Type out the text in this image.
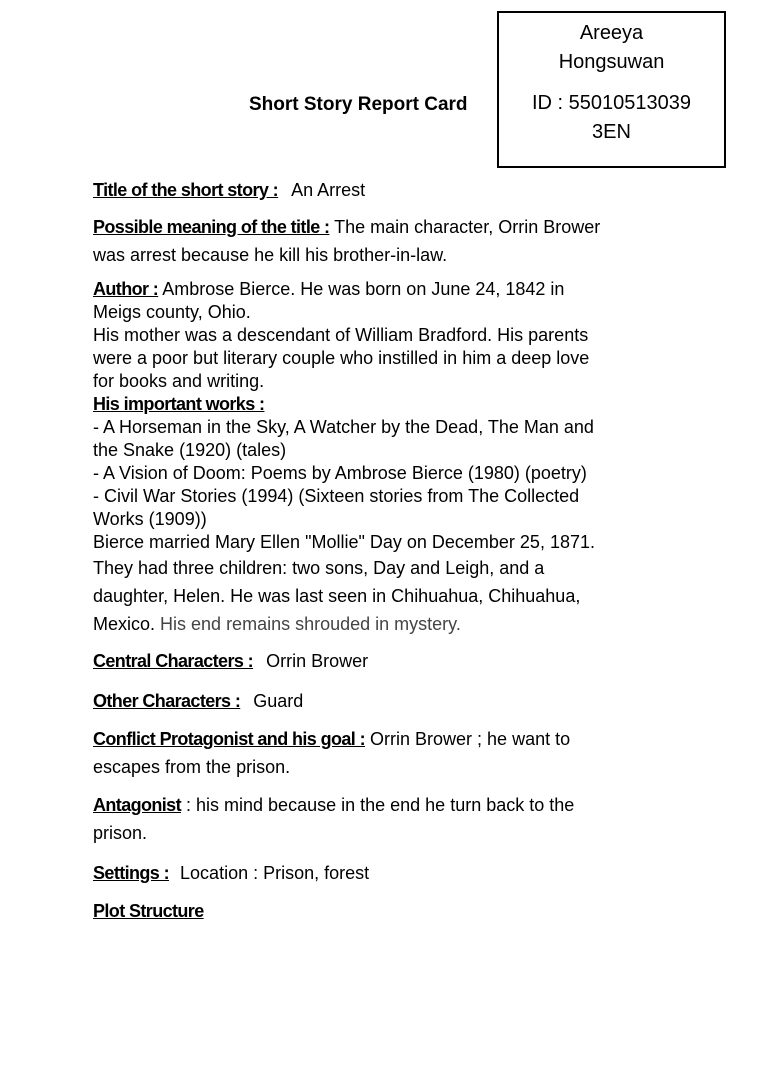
Areeya
Hongsuwan
ID : 55010513039
3EN
Short Story Report Card
Title of the short story : An Arrest
Possible meaning of the title : The main character, Orrin Brower
was arrest because he kill his brother-in-law.
Author : Ambrose Bierce. He was born on June 24, 1842 in
Meigs county, Ohio.
His mother was a descendant of William Bradford. His parents
were a poor but literary couple who instilled in him a deep love
for books and writing.
His important works :
- A Horseman in the Sky, A Watcher by the Dead, The Man and
the Snake (1920) (tales)
- A Vision of Doom: Poems by Ambrose Bierce (1980) (poetry)
- Civil War Stories (1994) (Sixteen stories from The Collected
Works (1909))
Bierce married Mary Ellen "Mollie" Day on December 25, 1871.
They had three children: two sons, Day and Leigh, and a
daughter, Helen. He was last seen in Chihuahua, Chihuahua,
Mexico. His end remains shrouded in mystery.
Central Characters : Orrin Brower
Other Characters : Guard
Conflict Protagonist and his goal : Orrin Brower ; he want to
escapes from the prison.
Antagonist : his mind because in the end he turn back to the
prison.
Settings : Location : Prison, forest
Plot Structure
